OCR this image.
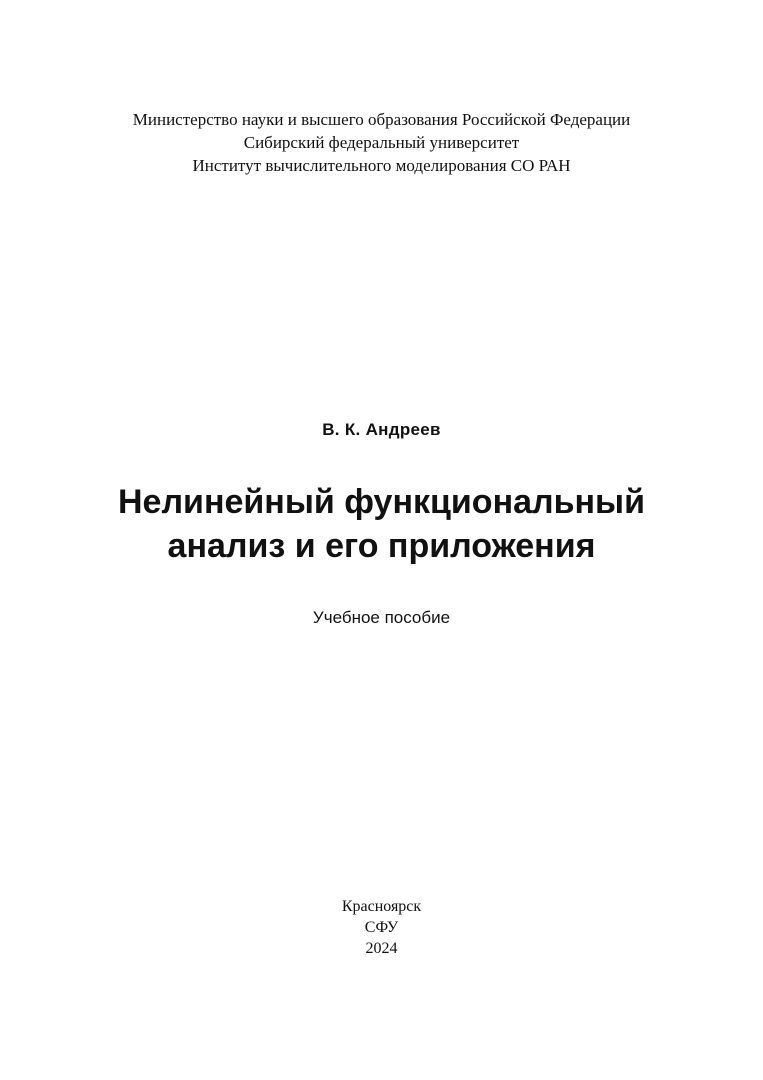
Министерство науки и высшего образования Российской Федерации
Сибирский федеральный университет
Институт вычислительного моделирования СО РАН
В. К. Андреев
Нелинейный функциональный
анализ и его приложения
Учебное пособие
Красноярск
СФУ
2024
